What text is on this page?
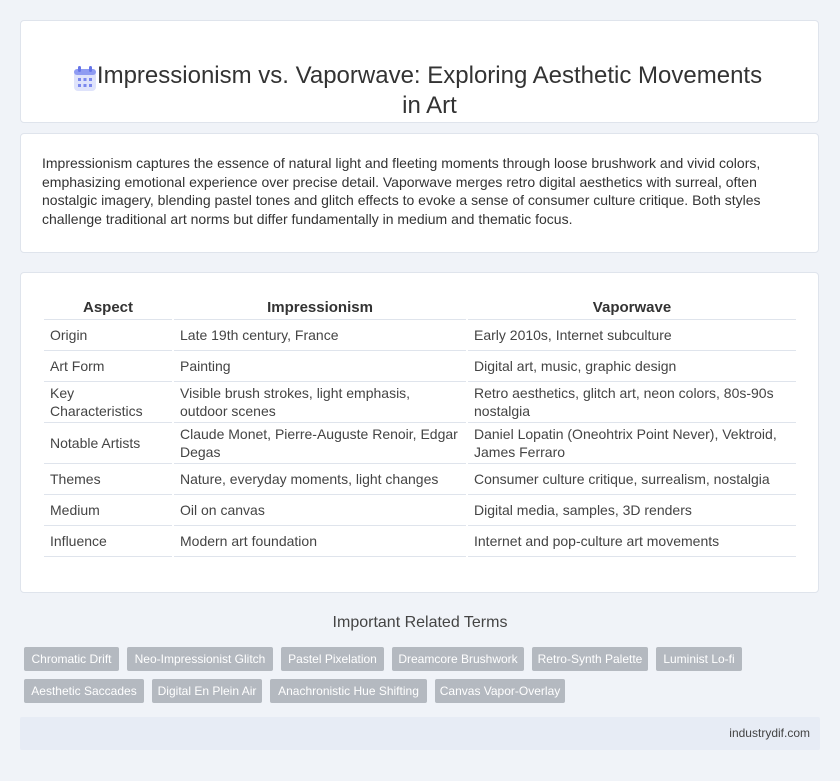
Impressionism vs. Vaporwave: Exploring Aesthetic Movements in Art

Impressionism captures the essence of natural light and fleeting moments through loose brushwork and vivid colors, emphasizing emotional experience over precise detail. Vaporwave merges retro digital aesthetics with surreal, often nostalgic imagery, blending pastel tones and glitch effects to evoke a sense of consumer culture critique. Both styles challenge traditional art norms but differ fundamentally in medium and thematic focus.

Aspect	Impressionism	Vaporwave
Origin	Late 19th century, France	Early 2010s, Internet subculture
Art Form	Painting	Digital art, music, graphic design
Key Characteristics	Visible brush strokes, light emphasis, outdoor scenes	Retro aesthetics, glitch art, neon colors, 80s-90s nostalgia
Notable Artists	Claude Monet, Pierre-Auguste Renoir, Edgar Degas	Daniel Lopatin (Oneohtrix Point Never), Vektroid, James Ferraro
Themes	Nature, everyday moments, light changes	Consumer culture critique, surrealism, nostalgia
Medium	Oil on canvas	Digital media, samples, 3D renders
Influence	Modern art foundation	Internet and pop-culture art movements
Important Related Terms
Chromatic Drift	Neo-Impressionist Glitch	Pastel Pixelation	Dreamcore Brushwork	Retro-Synth Palette	Luminist Lo-fi
Aesthetic Saccades	Digital En Plein Air	Anachronistic Hue Shifting	Canvas Vapor-Overlay
industrydif.com
